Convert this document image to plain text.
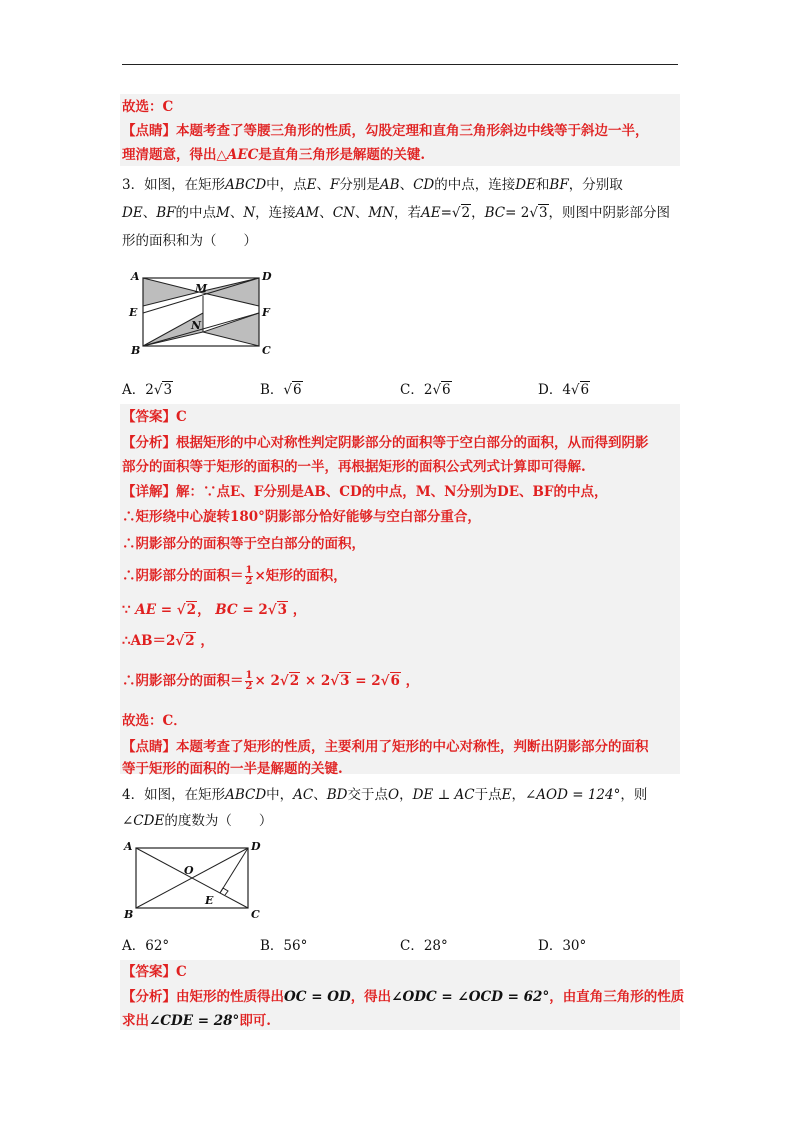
故选：C
【点睛】本题考查了等腰三角形的性质，勾股定理和直角三角形斜边中线等于斜边一半，
理清题意，得出△AEC是直角三角形是解题的关键.
3．如图，在矩形ABCD中，点E、F分别是AB、CD的中点，连接DE和BF，分别取
DE、BF的中点M、N，连接AM、CN、MN，若AE=√2，BC= 2√3，则图中阴影部分图
形的面积和为（　　）
A	D
M
E	F
N
B	C
A．2√3	B．√6	C．2√6	D．4√6
【答案】C
【分析】根据矩形的中心对称性判定阴影部分的面积等于空白部分的面积，从而得到阴影
部分的面积等于矩形的面积的一半，再根据矩形的面积公式列式计算即可得解.
【详解】解：∵点E、F分别是AB、CD的中点，M、N分别为DE、BF的中点，
∴矩形绕中心旋转180°阴影部分恰好能够与空白部分重合，
∴阴影部分的面积等于空白部分的面积，
∴阴影部分的面积＝ $\frac{1}{2}$ ×矩形的面积，
∵ AE = √2， BC = 2√3 ，
∴AB＝2√2 ，
∴阴影部分的面积＝ $\frac{1}{2} \times 2√2 \times 2√3 = 2√6$ ，
故选：C．
【点睛】本题考查了矩形的性质，主要利用了矩形的中心对称性，判断出阴影部分的面积
等于矩形的面积的一半是解题的关键.
4．如图，在矩形ABCD中，AC、BD交于点O，DE ⊥ AC于点E，∠AOD = 124°，则
∠CDE的度数为（　　）
A	D
O
E
B	C
A．62°	B．56°	C．28°	D．30°
【答案】C
【分析】由矩形的性质得出OC = OD，得出∠ODC = ∠OCD = 62°，由直角三角形的性质
求出∠CDE = 28°即可.
